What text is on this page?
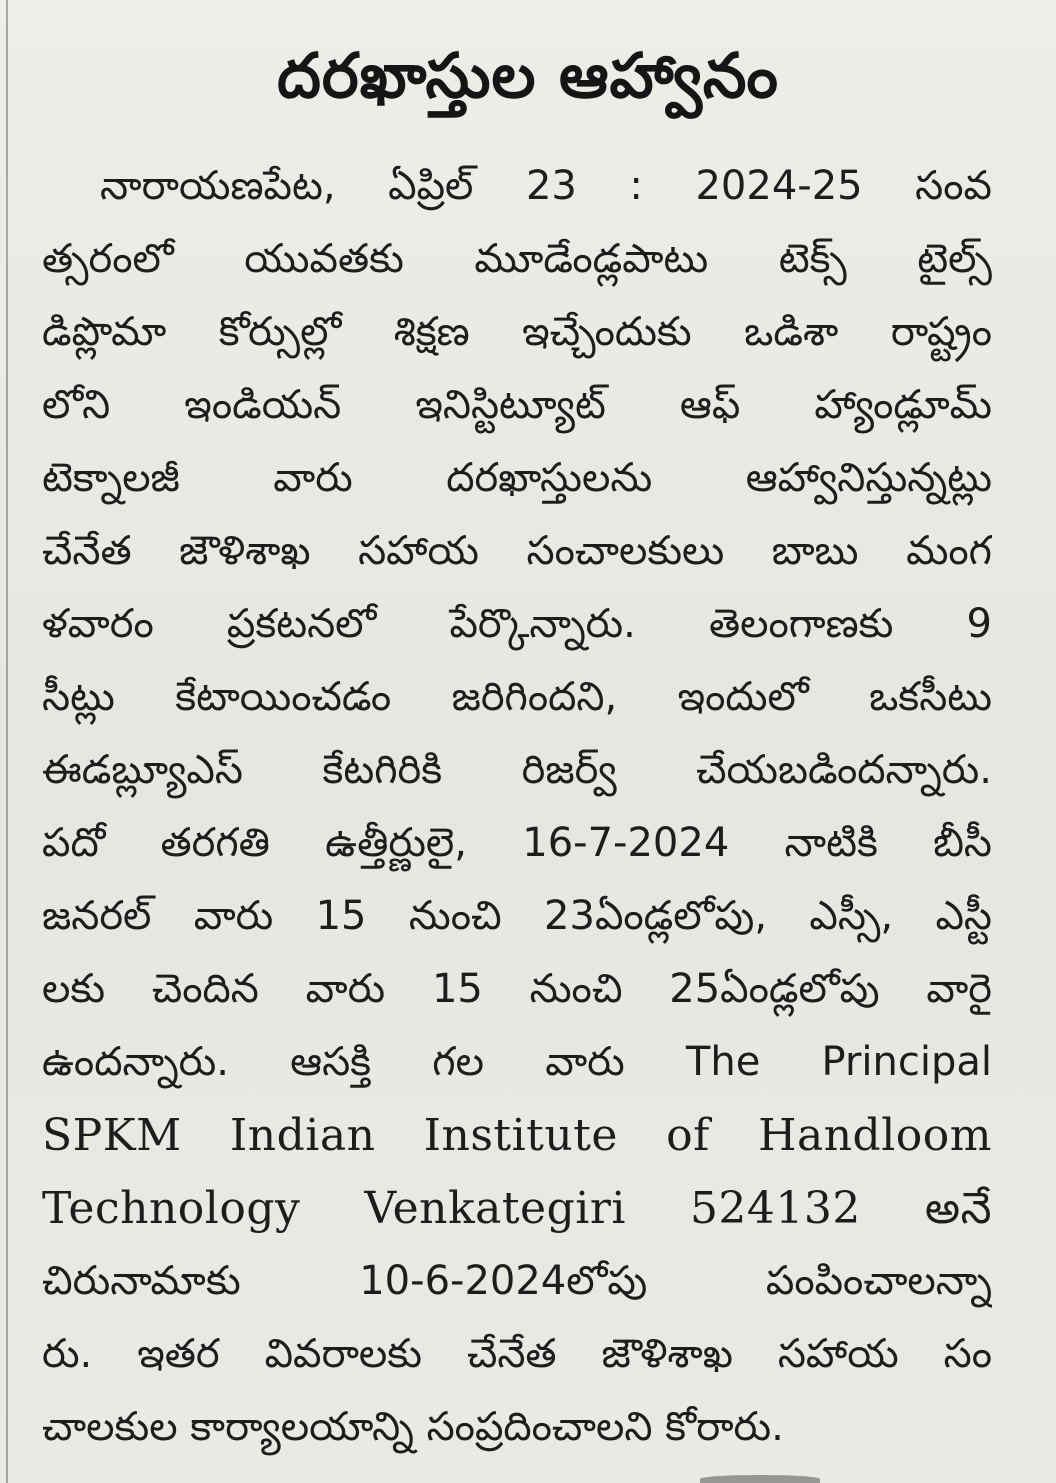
దరఖాస్తుల ఆహ్వానం
నారాయణపేట, ఏప్రిల్ 23 : 2024-25 సంవ
త్సరంలో యువతకు మూడేండ్లపాటు టెక్స్ టైల్స్
డిప్లొమా కోర్సుల్లో శిక్షణ ఇచ్చేందుకు ఒడిశా రాష్ట్రం
లోని ఇండియన్ ఇనిస్టిట్యూట్ ఆఫ్ హ్యాండ్లూమ్
టెక్నాలజీ వారు దరఖాస్తులను ఆహ్వానిస్తున్నట్లు
చేనేత జౌళిశాఖ సహాయ సంచాలకులు బాబు మంగ
ళవారం ప్రకటనలో పేర్కొన్నారు. తెలంగాణకు 9
సీట్లు కేటాయించడం జరిగిందని, ఇందులో ఒకసీటు
ఈడబ్ల్యూఎస్ కేటగిరికి రిజర్వ్ చేయబడిందన్నారు.
పదో తరగతి ఉత్తీర్ణులై, 16-7-2024 నాటికి బీసీ
జనరల్ వారు 15 నుంచి 23ఏండ్లలోపు, ఎస్సీ, ఎస్టీ
లకు చెందిన వారు 15 నుంచి 25ఏండ్లలోపు వారై
ఉందన్నారు. ఆసక్తి గల వారు The Principal
SPKM Indian Institute of Handloom
Technology Venkategiri 524132 అనే
చిరునామాకు 10-6-2024లోపు పంపించాలన్నా
రు. ఇతర వివరాలకు చేనేత జౌళిశాఖ సహాయ సం
చాలకుల కార్యాలయాన్ని సంప్రదించాలని కోరారు.
